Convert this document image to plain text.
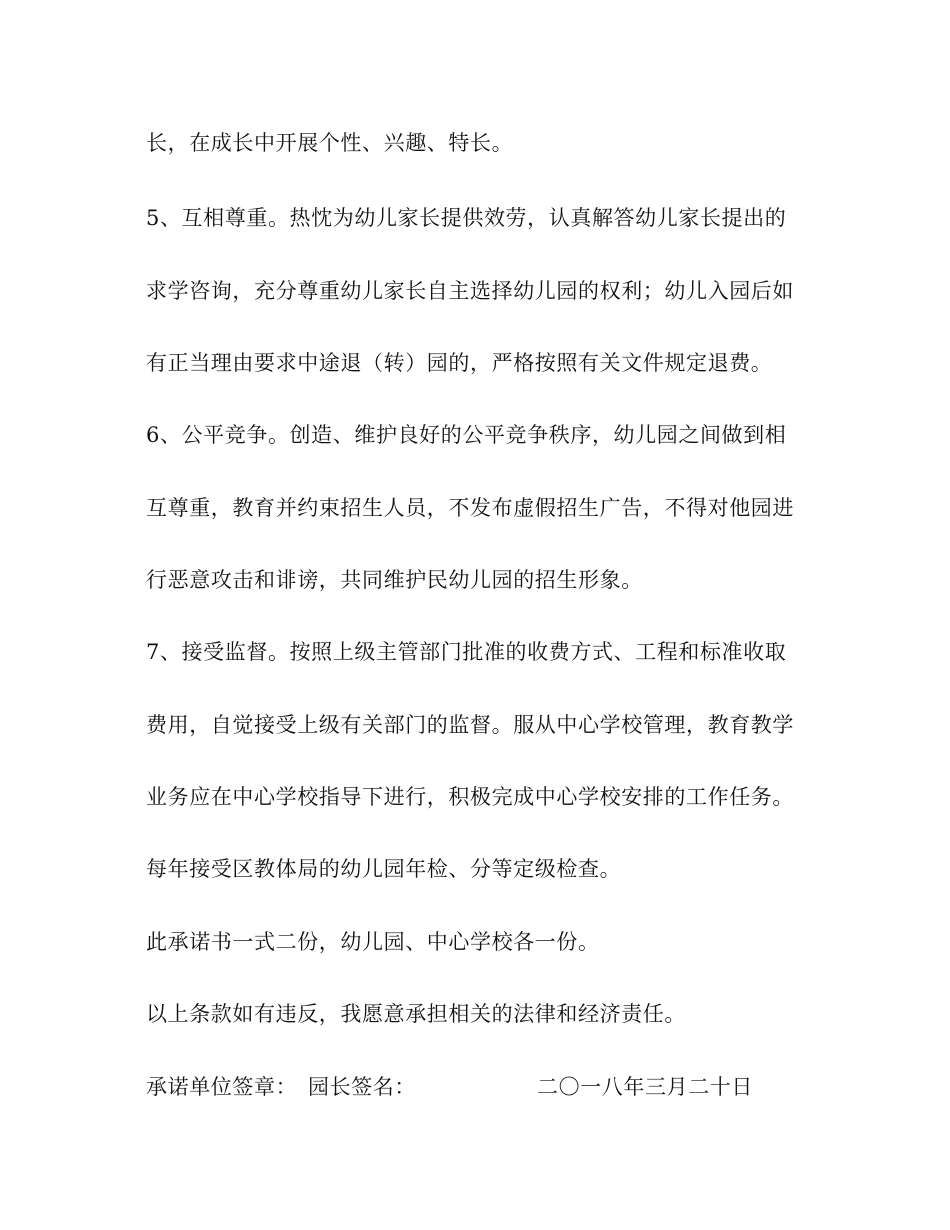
长，在成长中开展个性、兴趣、特长。
5、互相尊重。热忱为幼儿家长提供效劳，认真解答幼儿家长提出的
求学咨询，充分尊重幼儿家长自主选择幼儿园的权利；幼儿入园后如
有正当理由要求中途退（转）园的，严格按照有关文件规定退费。
6、公平竞争。创造、维护良好的公平竞争秩序，幼儿园之间做到相
互尊重，教育并约束招生人员，不发布虚假招生广告，不得对他园进
行恶意攻击和诽谤，共同维护民幼儿园的招生形象。
7、接受监督。按照上级主管部门批准的收费方式、工程和标准收取
费用，自觉接受上级有关部门的监督。服从中心学校管理，教育教学
业务应在中心学校指导下进行，积极完成中心学校安排的工作任务。
每年接受区教体局的幼儿园年检、分等定级检查。
此承诺书一式二份，幼儿园、中心学校各一份。
以上条款如有违反，我愿意承担相关的法律和经济责任。
承诺单位签章： 园长签名：	二〇一八年三月二十日
